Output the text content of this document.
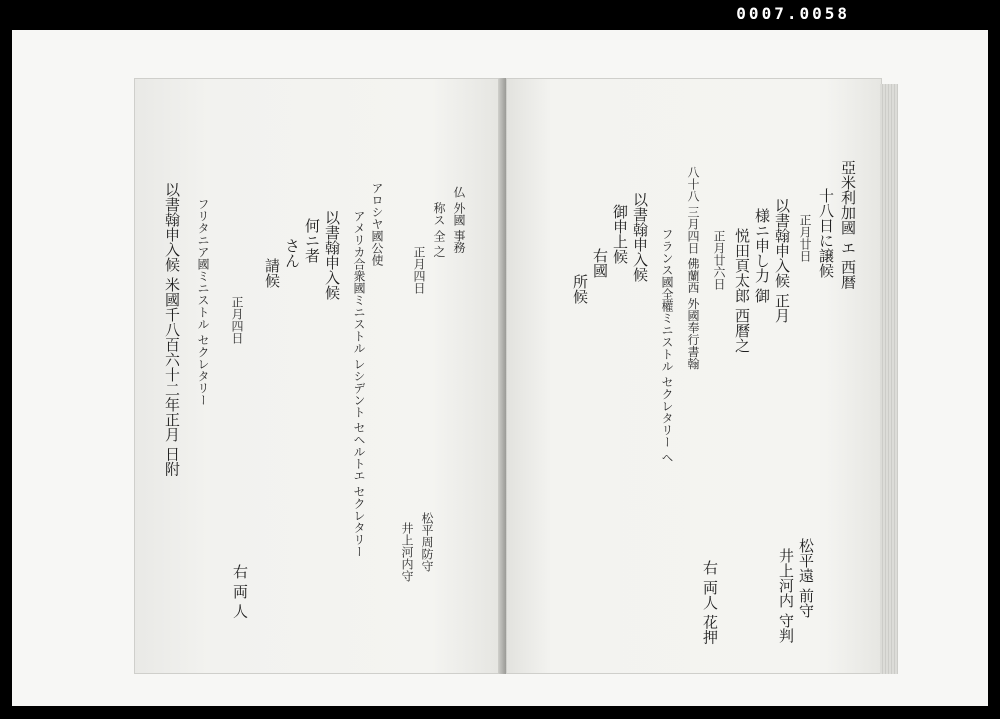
0007.0058
仏 外國 事務
称ス 全 之
正月四日
アロシヤ國公使
アメリカ合衆國ミニストル レシデント セヘルトエ セクレタリー
以書翰申入候
何ニ者
さん
請候
正月四日
フリタニア國ミニストル セクレタリー
以書翰申入候 米國千八百六十二年正月 日附
松平周防守
井上河内守
右 両 人
亞米利加國 エ 西暦
十八日に譲候
正月廿日
以書翰申入候 正月
様ニ申し力 御
悦田頁太郎 西曆之
正月廿六日
八十八 三月四日 佛蘭西 外國奉行書翰
フランス國全權ミニストル セクレタリー ヘ
以書翰申入候
御申上候
右國
所候
松平遠 前守
井上河内 守判
右 両人 花押
